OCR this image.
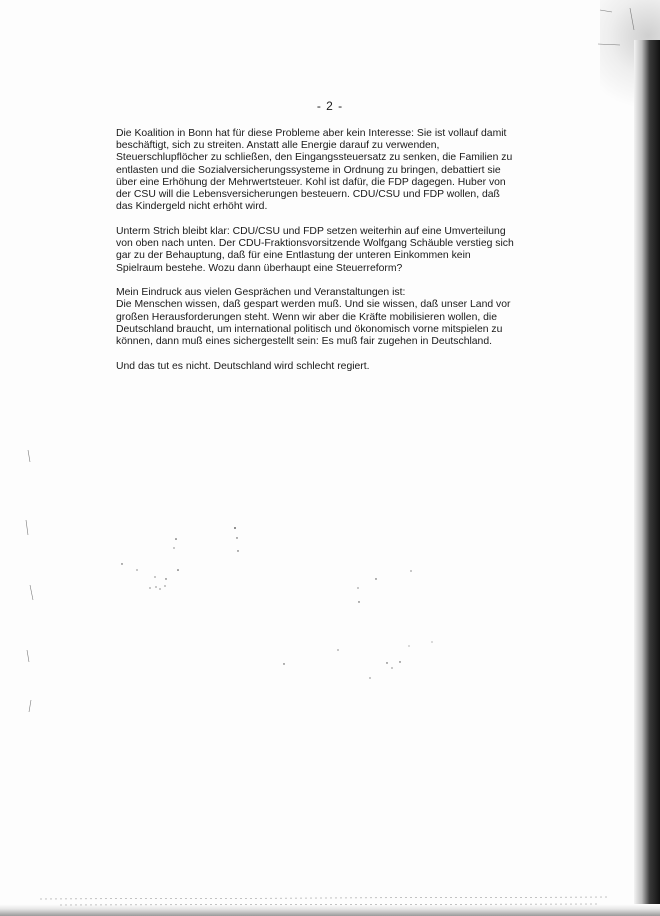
- 2 -

Die Koalition in Bonn hat für diese Probleme aber kein Interesse: Sie ist vollauf damit
beschäftigt, sich zu streiten. Anstatt alle Energie darauf zu verwenden,
Steuerschlupflöcher zu schließen, den Eingangssteuersatz zu senken, die Familien zu
entlasten und die Sozialversicherungssysteme in Ordnung zu bringen, debattiert sie
über eine Erhöhung der Mehrwertsteuer. Kohl ist dafür, die FDP dagegen. Huber von
der CSU will die Lebensversicherungen besteuern. CDU/CSU und FDP wollen, daß
das Kindergeld nicht erhöht wird.

Unterm Strich bleibt klar: CDU/CSU und FDP setzen weiterhin auf eine Umverteilung
von oben nach unten. Der CDU-Fraktionsvorsitzende Wolfgang Schäuble verstieg sich
gar zu der Behauptung, daß für eine Entlastung der unteren Einkommen kein
Spielraum bestehe. Wozu dann überhaupt eine Steuerreform?

Mein Eindruck aus vielen Gesprächen und Veranstaltungen ist:
Die Menschen wissen, daß gespart werden muß. Und sie wissen, daß unser Land vor
großen Herausforderungen steht. Wenn wir aber die Kräfte mobilisieren wollen, die
Deutschland braucht, um international politisch und ökonomisch vorne mitspielen zu
können, dann muß eines sichergestellt sein: Es muß fair zugehen in Deutschland.

Und das tut es nicht. Deutschland wird schlecht regiert.
